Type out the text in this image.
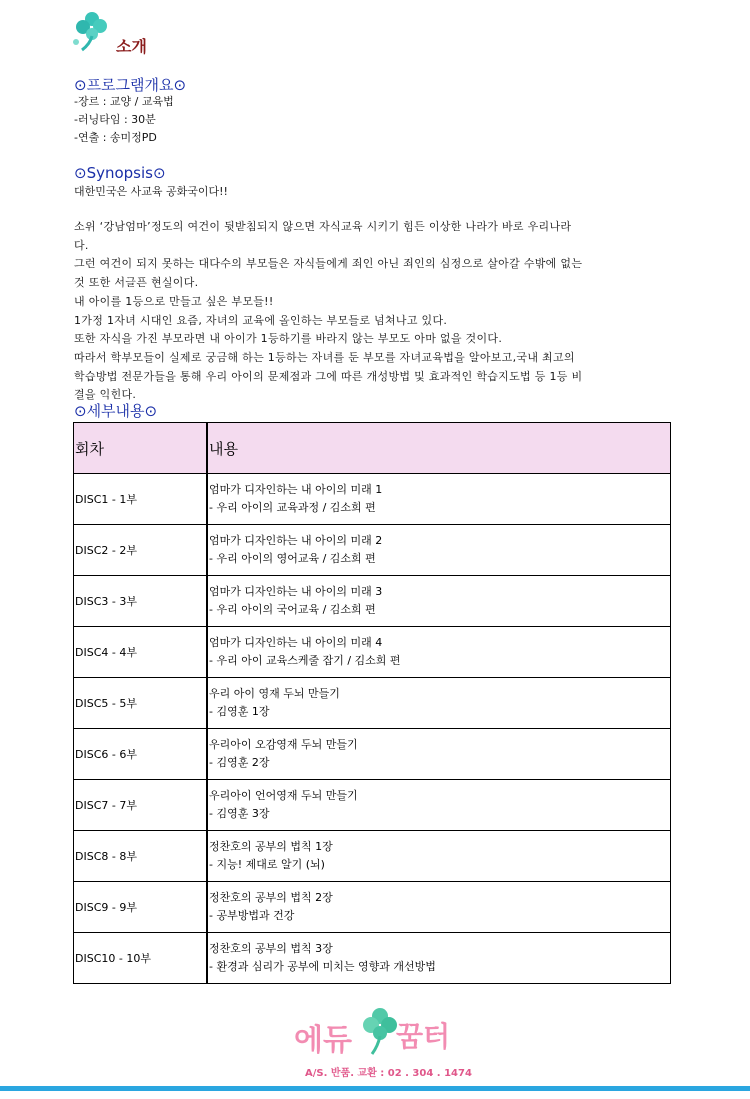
소개
⊙프로그램개요⊙
-장르 : 교양 / 교육법
-러닝타임 : 30분
-연출 : 송미정PD
⊙Synopsis⊙
대한민국은 사교육 공화국이다!!
소위 ‘강남엄마’정도의 여건이 뒷받침되지 않으면 자식교육 시키기 힘든 이상한 나라가 바로 우리나라
다.
그런 여건이 되지 못하는 대다수의 부모들은 자식들에게 죄인 아닌 죄인의 심정으로 살아갈 수밖에 없는
것 또한 서글픈 현실이다.
내 아이를 1등으로 만들고 싶은 부모들!!
1가정 1자녀 시대인 요즘, 자녀의 교육에 올인하는 부모들로 넘쳐나고 있다.
또한 자식을 가진 부모라면 내 아이가 1등하기를 바라지 않는 부모도 아마 없을 것이다.
따라서 학부모들이 실제로 궁금해 하는 1등하는 자녀를 둔 부모를 자녀교육법을 알아보고,국내 최고의
학습방법 전문가들을 통해 우리 아이의 문제점과 그에 따른 개성방법 및 효과적인 학습지도법 등 1등 비
결을 익힌다.
⊙세부내용⊙
회차	내용
DISC1 - 1부	엄마가 디자인하는 내 아이의 미래 1
- 우리 아이의 교육과정 / 김소희 편

DISC2 - 2부	엄마가 디자인하는 내 아이의 미래 2
- 우리 아이의 영어교육 / 김소희 편

DISC3 - 3부	엄마가 디자인하는 내 아이의 미래 3
- 우리 아이의 국어교육 / 김소희 편

DISC4 - 4부	엄마가 디자인하는 내 아이의 미래 4
- 우리 아이 교육스케줄 잡기 / 김소희 편

DISC5 - 5부	우리 아이 영재 두뇌 만들기
- 김영훈 1장

DISC6 - 6부	우리아이 오감영재 두뇌 만들기
- 김영훈 2장

DISC7 - 7부	우리아이 언어영재 두뇌 만들기
- 김영훈 3장

DISC8 - 8부	정찬호의 공부의 법칙 1장
- 지능! 제대로 알기 (뇌)

DISC9 - 9부	정찬호의 공부의 법칙 2장
- 공부방법과 건강

DISC10 - 10부	정찬호의 공부의 법칙 3장
- 환경과 심리가 공부에 미치는 영향과 개선방법
에듀 꿈터
A/S. 반품. 교환 : 02 . 304 . 1474
